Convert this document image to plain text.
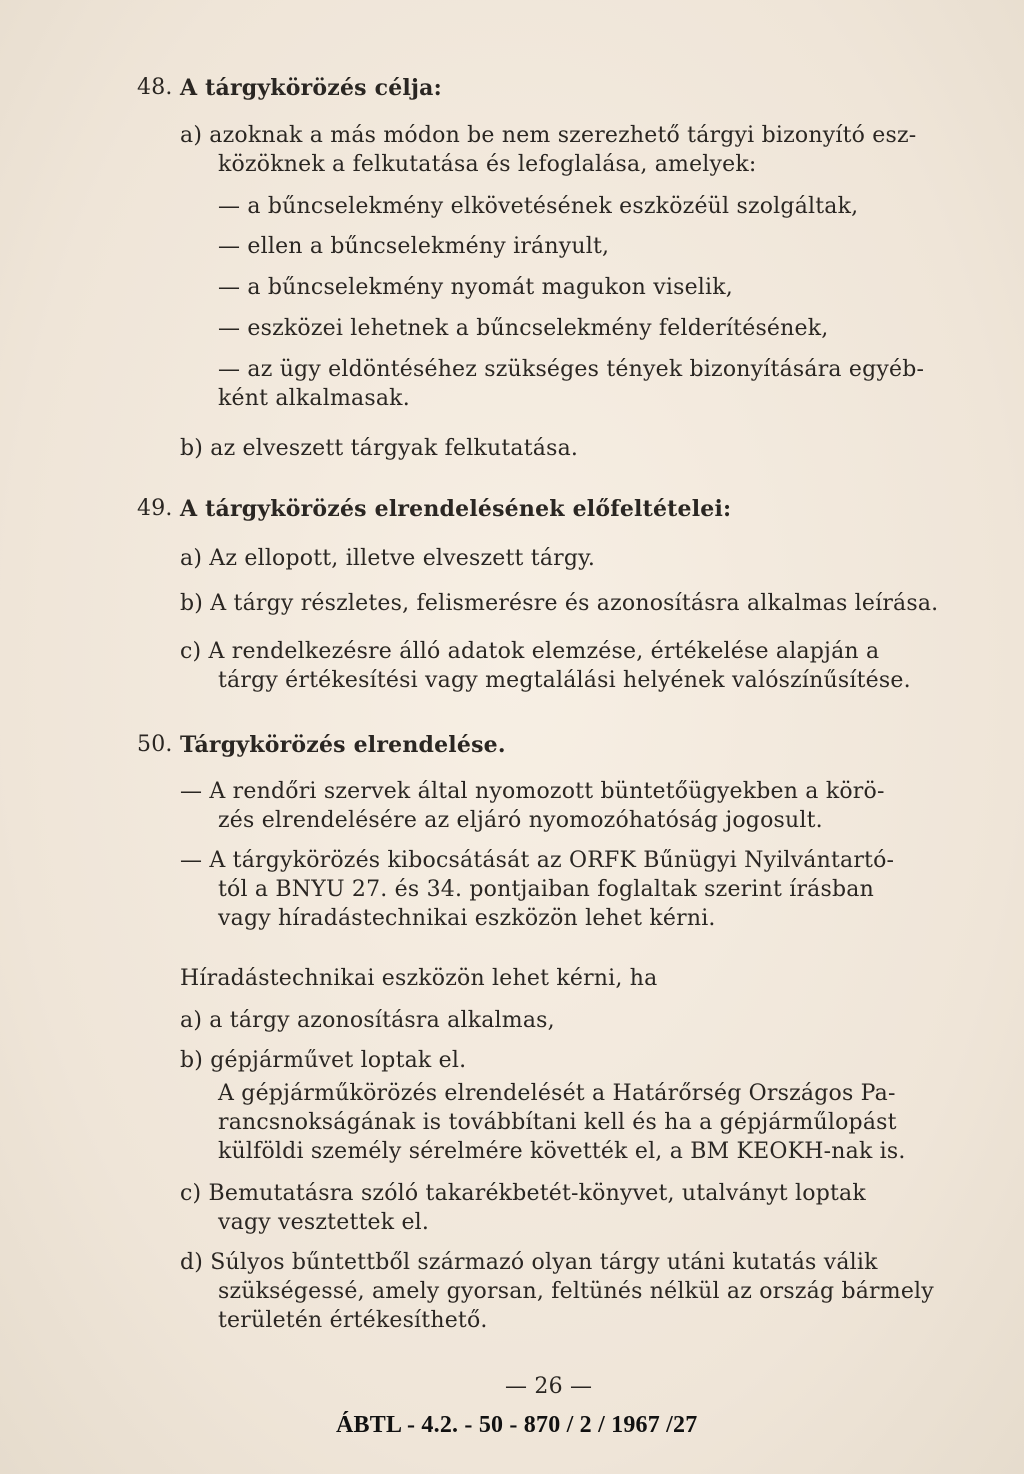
48. A tárgykörözés célja:
a) azoknak a más módon be nem szerezhető tárgyi bizonyító esz-
közöknek a felkutatása és lefoglalása, amelyek:
— a bűncselekmény elkövetésének eszközéül szolgáltak,
— ellen a bűncselekmény irányult,
— a bűncselekmény nyomát magukon viselik,
— eszközei lehetnek a bűncselekmény felderítésének,
— az ügy eldöntéséhez szükséges tények bizonyítására egyéb-
ként alkalmasak.
b) az elveszett tárgyak felkutatása.
49. A tárgykörözés elrendelésének előfeltételei:
a) Az ellopott, illetve elveszett tárgy.
b) A tárgy részletes, felismerésre és azonosításra alkalmas leírása.
c) A rendelkezésre álló adatok elemzése, értékelése alapján a
tárgy értékesítési vagy megtalálási helyének valószínűsítése.
50. Tárgykörözés elrendelése.
— A rendőri szervek által nyomozott büntetőügyekben a körö-
zés elrendelésére az eljáró nyomozóhatóság jogosult.
— A tárgykörözés kibocsátását az ORFK Bűnügyi Nyilvántartó-
tól a BNYU 27. és 34. pontjaiban foglaltak szerint írásban
vagy híradástechnikai eszközön lehet kérni.
Híradástechnikai eszközön lehet kérni, ha
a) a tárgy azonosításra alkalmas,
b) gépjárművet loptak el.
A gépjárműkörözés elrendelését a Határőrség Országos Pa-
rancsnokságának is továbbítani kell és ha a gépjárműlopást
külföldi személy sérelmére követték el, a BM KEOKH-nak is.
c) Bemutatásra szóló takarékbetét-könyvet, utalványt loptak
vagy vesztettek el.
d) Súlyos bűntettből származó olyan tárgy utáni kutatás válik
szükségessé, amely gyorsan, feltünés nélkül az ország bármely
területén értékesíthető.
— 26 —
ÁBTL - 4.2. - 50 - 870 / 2 / 1967 /27
